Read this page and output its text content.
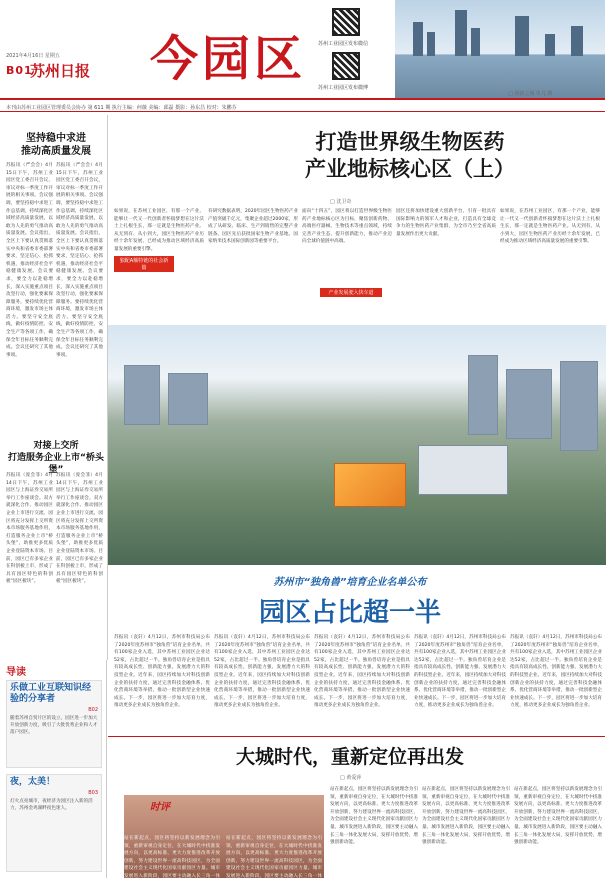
2021年4月16日 星期五
B01
苏州日报 今园区 苏州工业园区发布微信
苏州工业园区发布微博
□ 创新之城 单凡 摄
本刊由苏州工业园区管理委员会协办 第 611 期 执行主编：何薇 美编：邱磊 摄影：孙东昌 校对：朱鹏芬
坚持稳中求进
推动高质量发展
苏报讯（严会会）4月15日下午，苏州工业园区党工委召开会议，审议对标一季度工作开展的相关事项。会议强调，要坚持稳中求进工作总基调，持续深化区域经济高质量发展，以敢为人先的勇气推动高质量发展。会议指出，全区上下要认真贯彻落实中央和省委市委部署要求，坚定信心、抢抓机遇，推动经济社会平稳健康发展。会议要求，要全力以赴稳增长，深入实施重点项目攻坚行动，强化要素保障服务。要持续优化营商环境，激发市场主体活力。要坚守安全底线，做好疫情防控、安全生产等各项工作，确保全年目标任务顺利完成。会议还研究了其他事项。
苏报讯（严会会）4月15日下午，苏州工业园区党工委召开会议，审议对标一季度工作开展的相关事项。会议强调，要坚持稳中求进工作总基调，持续深化区域经济高质量发展，以敢为人先的勇气推动高质量发展。会议指出，全区上下要认真贯彻落实中央和省委市委部署要求，坚定信心、抢抓机遇，推动经济社会平稳健康发展。会议要求，要全力以赴稳增长，深入实施重点项目攻坚行动，强化要素保障服务。要持续优化营商环境，激发市场主体活力。要坚守安全底线，做好疫情防控、安全生产等各项工作，确保全年目标任务顺利完成。会议还研究了其他事项。
对接上交所
打造服务企业上市“桥头堡”
苏报讯（庞会菲）4月14日下午，苏州工业园区与上海证券交易所举行工作座谈会。双方就深化合作、推动园区企业上市进行交流。园区将充分发挥上交所资本市场服务基地作用，打造服务企业上市“桥头堡”，助推更多优质企业登陆资本市场。目前，园区已有多家企业在科创板上市，形成了具有园区特色的科创板“园区板块”。
苏报讯（庞会菲）4月14日下午，苏州工业园区与上海证券交易所举行工作座谈会。双方就深化合作、推动园区企业上市进行交流。园区将充分发挥上交所资本市场服务基地作用，打造服务企业上市“桥头堡”，助推更多优质企业登陆资本市场。目前，园区已有多家企业在科创板上市，形成了具有园区特色的科创板“园区板块”。
打造世界级生物医药
产业地标核心区（上）
□ 沈卫奇
如果说，在苏州工业园区，有那一个产业，能够让一代又一代创新者怀揣梦想在这片沃土上扎根生长，那一定就是生物医药产业。从无到有、从小到大，园区生物医药产业历经十余年发展，已经成为推动区域经济高质量发展的重要引擎。
独配A额特链的社会新篇
有研究数据表明，2020年园区生物医药产业产值突破千亿元，集聚企业超过2000家，形成了从研发、临床、生产到销售的完整产业链条。园区先后获批国家生物产业基地、国家纳米技术国际创新园等重要平台。
面向“十四五”，园区将以打造世界级生物医药产业地标核心区为目标，聚焦创新药物、高端医疗器械、生物技术等重点领域，持续完善产业生态，提升创新能力，推动产业迈向全球价值链中高端。
产业发展驶入快车道
园区还将加快建设重大创新平台，引育一批具有国际影响力的领军人才和企业，打造具有全球竞争力的生物医药产业集群，为全市乃至全省高质量发展作出更大贡献。
如果说，在苏州工业园区，有那一个产业，能够让一代又一代创新者怀揣梦想在这片沃土上扎根生长，那一定就是生物医药产业。从无到有、从小到大，园区生物医药产业历经十余年发展，已经成为推动区域经济高质量发展的重要引擎。
苏州市“独角兽”培育企业名单公布
园区占比超一半
苏报讯（袁轩）4月12日，苏州市科技局公布了2020年度苏州市“独角兽”培育企业名单，共有100家企业入选，其中苏州工业园区企业达52家，占比超过一半。独角兽培育企业是指具有较高成长性、创新能力强、发展潜力大的科技型企业。近年来，园区持续加大对科技创新企业的扶持力度，通过完善科技金融体系、优化营商环境等举措，推动一批创新型企业快速成长。下一步，园区将进一步加大培育力度，推动更多企业成长为独角兽企业。
苏报讯（袁轩）4月12日，苏州市科技局公布了2020年度苏州市“独角兽”培育企业名单，共有100家企业入选，其中苏州工业园区企业达52家，占比超过一半。独角兽培育企业是指具有较高成长性、创新能力强、发展潜力大的科技型企业。近年来，园区持续加大对科技创新企业的扶持力度，通过完善科技金融体系、优化营商环境等举措，推动一批创新型企业快速成长。下一步，园区将进一步加大培育力度，推动更多企业成长为独角兽企业。
苏报讯（袁轩）4月12日，苏州市科技局公布了2020年度苏州市“独角兽”培育企业名单，共有100家企业入选，其中苏州工业园区企业达52家，占比超过一半。独角兽培育企业是指具有较高成长性、创新能力强、发展潜力大的科技型企业。近年来，园区持续加大对科技创新企业的扶持力度，通过完善科技金融体系、优化营商环境等举措，推动一批创新型企业快速成长。下一步，园区将进一步加大培育力度，推动更多企业成长为独角兽企业。
苏报讯（袁轩）4月12日，苏州市科技局公布了2020年度苏州市“独角兽”培育企业名单，共有100家企业入选，其中苏州工业园区企业达52家，占比超过一半。独角兽培育企业是指具有较高成长性、创新能力强、发展潜力大的科技型企业。近年来，园区持续加大对科技创新企业的扶持力度，通过完善科技金融体系、优化营商环境等举措，推动一批创新型企业快速成长。下一步，园区将进一步加大培育力度，推动更多企业成长为独角兽企业。
苏报讯（袁轩）4月12日，苏州市科技局公布了2020年度苏州市“独角兽”培育企业名单，共有100家企业入选，其中苏州工业园区企业达52家，占比超过一半。独角兽培育企业是指具有较高成长性、创新能力强、发展潜力大的科技型企业。近年来，园区持续加大对科技创新企业的扶持力度，通过完善科技金融体系、优化营商环境等举措，推动一批创新型企业快速成长。下一步，园区将进一步加大培育力度，推动更多企业成长为独角兽企业。
导读
乐做工业互联知识经验的分享者
B02
随着苏州自贸片区的设立，园区进一步加大开放创新力度，吸引了大批优秀企业和人才落户园区。
夜，太美！
B03
灯火点亮城市，夜经济为园区注入新的活力，苏州金鸡湖畔夜色迷人。
大城时代，重新定位再出发
□ 黄爱萍
时评
站在新起点，园区将坚持以新发展理念为引领，重新审视自身定位，在大城时代中找准发展方向，以更高标准、更大力度推进改革开放创新，努力建设世界一流高科技园区，为全面建设社会主义现代化国家贡献园区力量。城市发展进入新阶段，园区要主动融入长三角一体化发展大局，发挥开放优势，增强创新动能。
站在新起点，园区将坚持以新发展理念为引领，重新审视自身定位，在大城时代中找准发展方向，以更高标准、更大力度推进改革开放创新，努力建设世界一流高科技园区，为全面建设社会主义现代化国家贡献园区力量。城市发展进入新阶段，园区要主动融入长三角一体化发展大局，发挥开放优势，增强创新动能。
站在新起点，园区将坚持以新发展理念为引领，重新审视自身定位，在大城时代中找准发展方向，以更高标准、更大力度推进改革开放创新，努力建设世界一流高科技园区，为全面建设社会主义现代化国家贡献园区力量。城市发展进入新阶段，园区要主动融入长三角一体化发展大局，发挥开放优势，增强创新动能。
站在新起点，园区将坚持以新发展理念为引领，重新审视自身定位，在大城时代中找准发展方向，以更高标准、更大力度推进改革开放创新，努力建设世界一流高科技园区，为全面建设社会主义现代化国家贡献园区力量。城市发展进入新阶段，园区要主动融入长三角一体化发展大局，发挥开放优势，增强创新动能。
站在新起点，园区将坚持以新发展理念为引领，重新审视自身定位，在大城时代中找准发展方向，以更高标准、更大力度推进改革开放创新，努力建设世界一流高科技园区，为全面建设社会主义现代化国家贡献园区力量。城市发展进入新阶段，园区要主动融入长三角一体化发展大局，发挥开放优势，增强创新动能。
